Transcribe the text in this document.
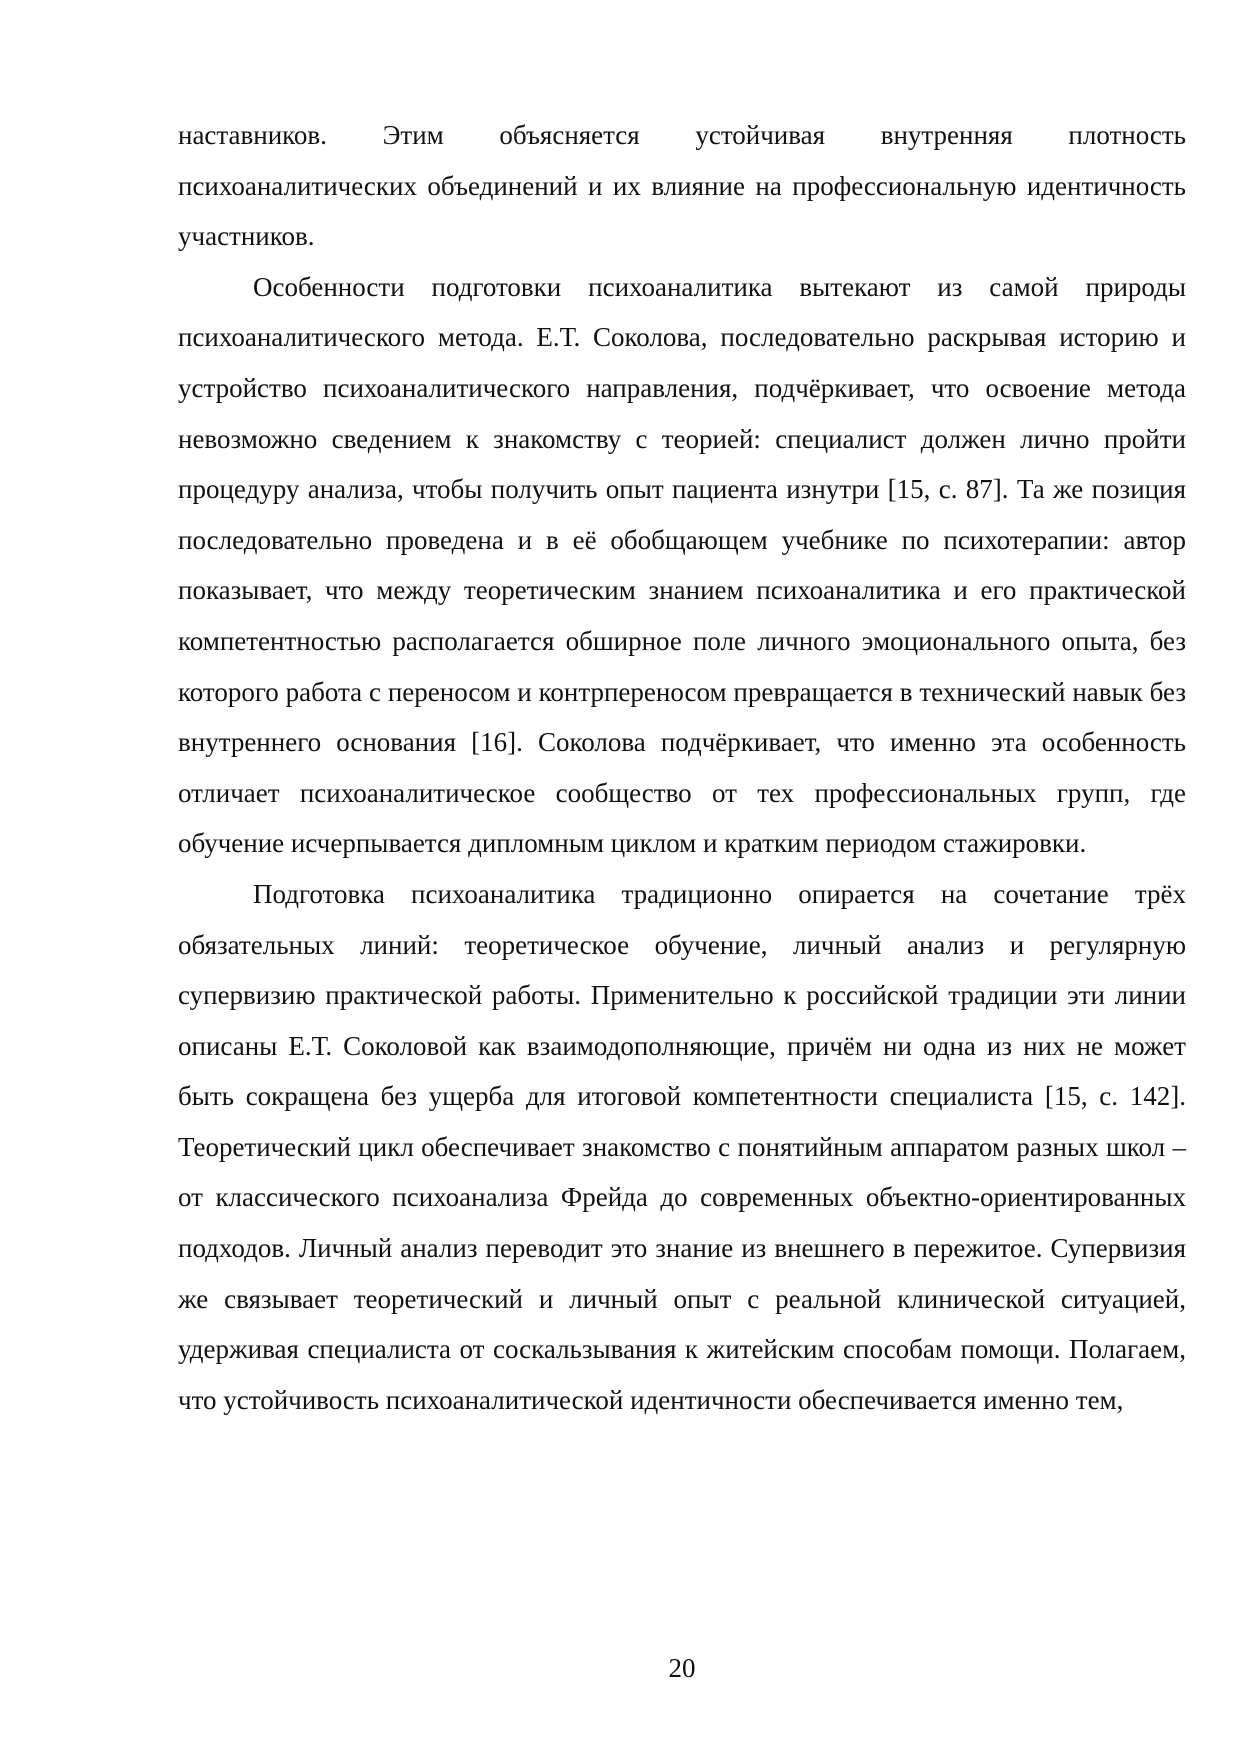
наставников. Этим объясняется устойчивая внутренняя плотность психоаналитических объединений и их влияние на профессиональную идентичность участников.

Особенности подготовки психоаналитика вытекают из самой природы психоаналитического метода. Е.Т. Соколова, последовательно раскрывая историю и устройство психоаналитического направления, подчёркивает, что освоение метода невозможно сведением к знакомству с теорией: специалист должен лично пройти процедуру анализа, чтобы получить опыт пациента изнутри [15, с. 87]. Та же позиция последовательно проведена и в её обобщающем учебнике по психотерапии: автор показывает, что между теоретическим знанием психоаналитика и его практической компетентностью располагается обширное поле личного эмоционального опыта, без которого работа с переносом и контрпереносом превращается в технический навык без внутреннего основания [16]. Соколова подчёркивает, что именно эта особенность отличает психоаналитическое сообщество от тех профессиональных групп, где обучение исчерпывается дипломным циклом и кратким периодом стажировки.

Подготовка психоаналитика традиционно опирается на сочетание трёх обязательных линий: теоретическое обучение, личный анализ и регулярную супервизию практической работы. Применительно к российской традиции эти линии описаны Е.Т. Соколовой как взаимодополняющие, причём ни одна из них не может быть сокращена без ущерба для итоговой компетентности специалиста [15, с. 142]. Теоретический цикл обеспечивает знакомство с понятийным аппаратом разных школ – от классического психоанализа Фрейда до современных объектно-ориентированных подходов. Личный анализ переводит это знание из внешнего в пережитое. Супервизия же связывает теоретический и личный опыт с реальной клинической ситуацией, удерживая специалиста от соскальзывания к житейским способам помощи. Полагаем, что устойчивость психоаналитической идентичности обеспечивается именно тем,

20
